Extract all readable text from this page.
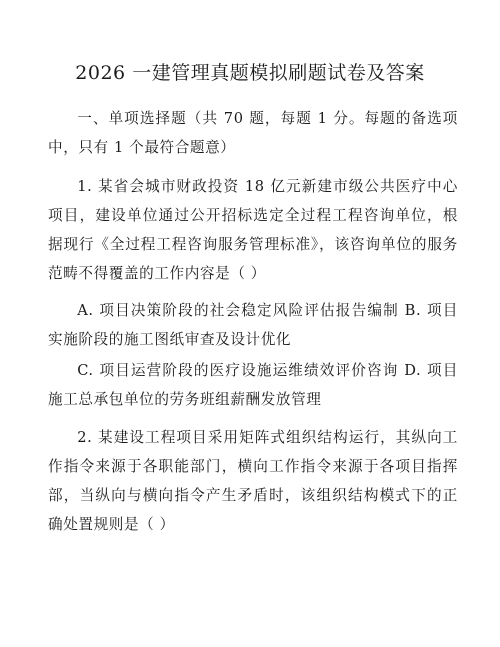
2026 一建管理真题模拟刷题试卷及答案

一、单项选择题（共 70 题，每题 1 分。每题的备选项中，只有 1 个最符合题意）

1. 某省会城市财政投资 18 亿元新建市级公共医疗中心项目，建设单位通过公开招标选定全过程工程咨询单位，根据现行《全过程工程咨询服务管理标准》，该咨询单位的服务范畴不得覆盖的工作内容是（ ）

A. 项目决策阶段的社会稳定风险评估报告编制 B. 项目实施阶段的施工图纸审查及设计优化

C. 项目运营阶段的医疗设施运维绩效评价咨询 D. 项目施工总承包单位的劳务班组薪酬发放管理

2. 某建设工程项目采用矩阵式组织结构运行，其纵向工作指令来源于各职能部门，横向工作指令来源于各项目指挥部，当纵向与横向指令产生矛盾时，该组织结构模式下的正确处置规则是（ ）
